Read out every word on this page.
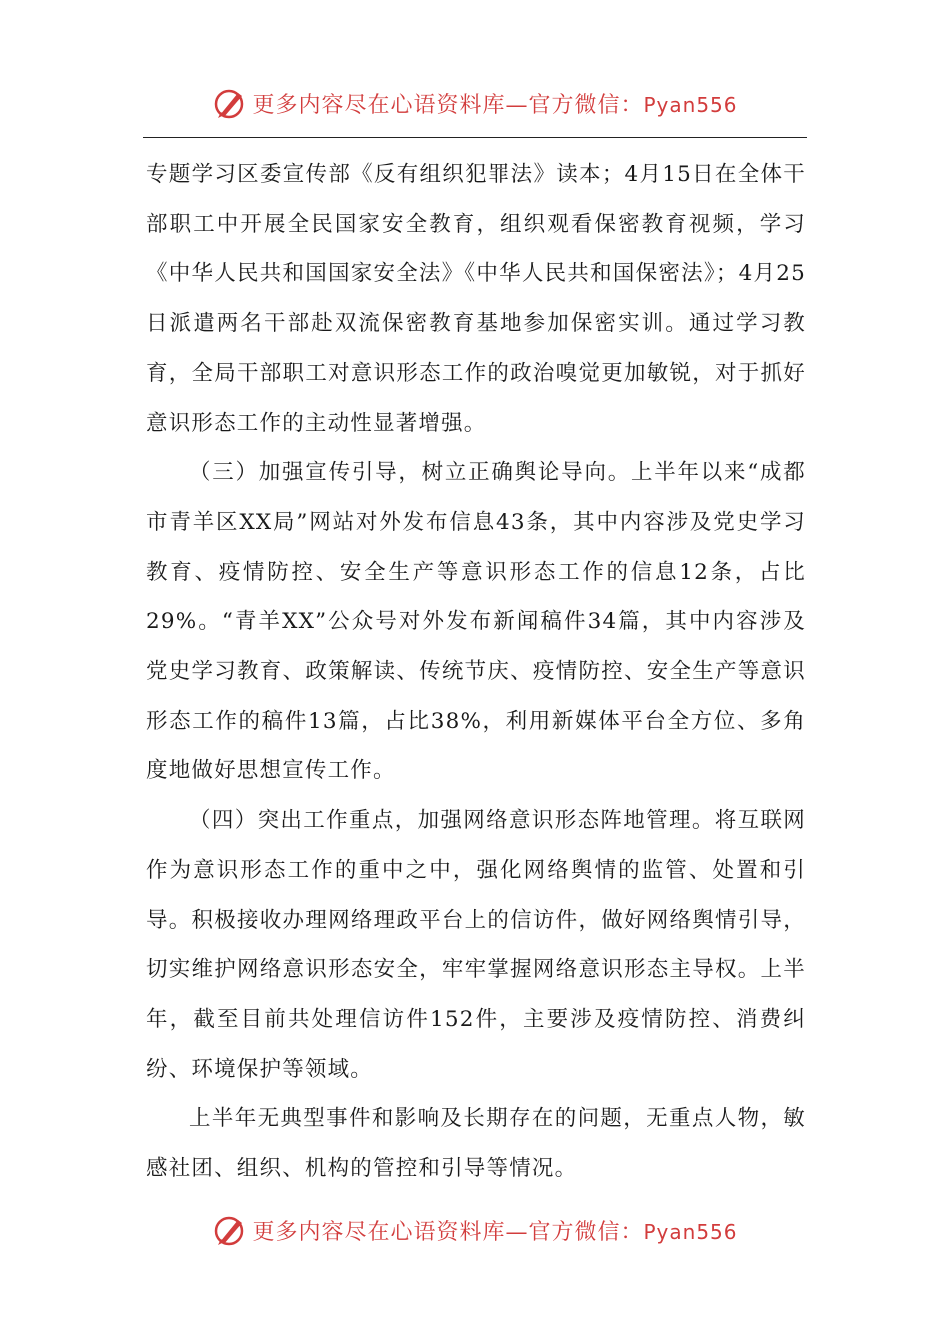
更多内容尽在心语资料库—官方微信：Pyan556

专题学习区委宣传部《反有组织犯罪法》读本；4月15日在全体干部职工中开展全民国家安全教育，组织观看保密教育视频，学习《中华人民共和国国家安全法》《中华人民共和国保密法》；4月25日派遣两名干部赴双流保密教育基地参加保密实训。通过学习教育，全局干部职工对意识形态工作的政治嗅觉更加敏锐，对于抓好意识形态工作的主动性显著增强。

（三）加强宣传引导，树立正确舆论导向。上半年以来“成都市青羊区XX局”网站对外发布信息43条，其中内容涉及党史学习教育、疫情防控、安全生产等意识形态工作的信息12条，占比29%。“青羊XX”公众号对外发布新闻稿件34篇，其中内容涉及党史学习教育、政策解读、传统节庆、疫情防控、安全生产等意识形态工作的稿件13篇，占比38%，利用新媒体平台全方位、多角度地做好思想宣传工作。

（四）突出工作重点，加强网络意识形态阵地管理。将互联网作为意识形态工作的重中之中，强化网络舆情的监管、处置和引导。积极接收办理网络理政平台上的信访件，做好网络舆情引导，切实维护网络意识形态安全，牢牢掌握网络意识形态主导权。上半年，截至目前共处理信访件152件，主要涉及疫情防控、消费纠纷、环境保护等领域。

上半年无典型事件和影响及长期存在的问题，无重点人物，敏感社团、组织、机构的管控和引导等情况。

更多内容尽在心语资料库—官方微信：Pyan556
